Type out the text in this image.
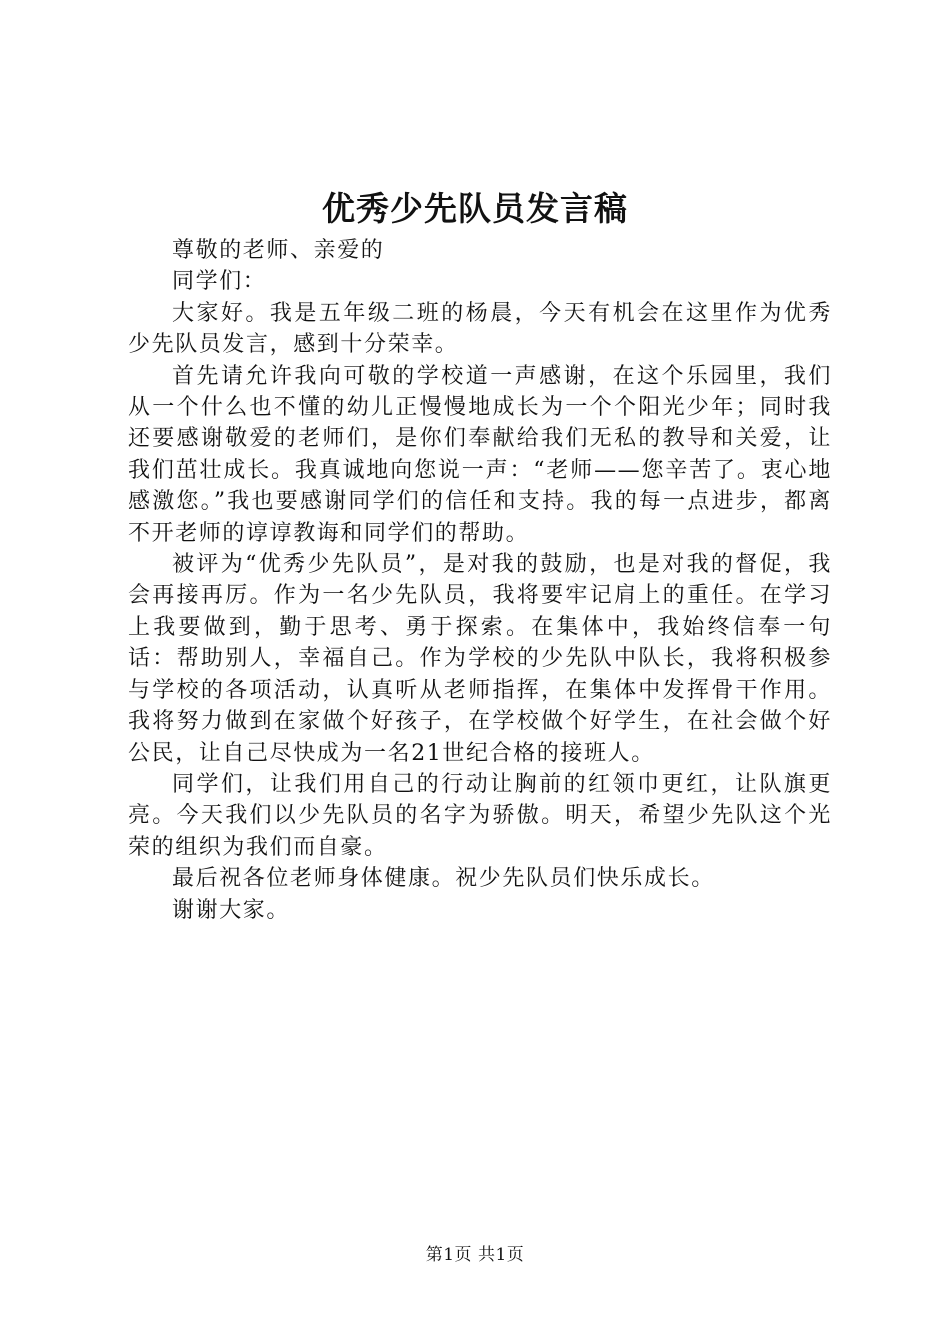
优秀少先队员发言稿

尊敬的老师、亲爱的

同学们：

大家好。我是五年级二班的杨晨，今天有机会在这里作为优秀少先队员发言，感到十分荣幸。

首先请允许我向可敬的学校道一声感谢，在这个乐园里，我们从一个什么也不懂的幼儿正慢慢地成长为一个个阳光少年；同时我还要感谢敬爱的老师们，是你们奉献给我们无私的教导和关爱，让我们茁壮成长。我真诚地向您说一声：“老师——您辛苦了。衷心地感激您。”我也要感谢同学们的信任和支持。我的每一点进步，都离不开老师的谆谆教诲和同学们的帮助。

被评为“优秀少先队员”，是对我的鼓励，也是对我的督促，我会再接再厉。作为一名少先队员，我将要牢记肩上的重任。在学习上我要做到，勤于思考、勇于探索。在集体中，我始终信奉一句话：帮助别人，幸福自己。作为学校的少先队中队长，我将积极参与学校的各项活动，认真听从老师指挥，在集体中发挥骨干作用。我将努力做到在家做个好孩子，在学校做个好学生，在社会做个好公民，让自己尽快成为一名21世纪合格的接班人。

同学们，让我们用自己的行动让胸前的红领巾更红，让队旗更亮。今天我们以少先队员的名字为骄傲。明天，希望少先队这个光荣的组织为我们而自豪。

最后祝各位老师身体健康。祝少先队员们快乐成长。

谢谢大家。

第1页 共1页
